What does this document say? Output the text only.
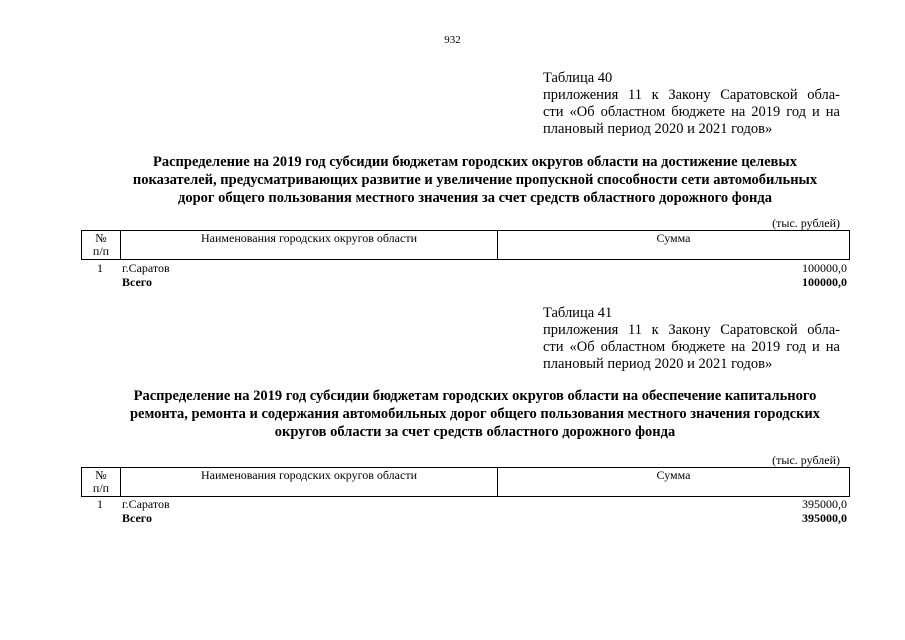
932
Таблица 40
приложения 11 к Закону Саратовской обла-
сти «Об областном бюджете на 2019 год и на
плановый период 2020 и 2021 годов»
Распределение на 2019 год субсидии бюджетам городских округов области на достижение целевых
показателей, предусматривающих развитие и увеличение пропускной способности сети автомобильных
дорог общего пользования местного значения за счет средств областного дорожного фонда
(тыс. рублей)
№
п/п
	Наименования городских округов области	Сумма
1	г.Саратов	100000,0
	Всего	100000,0
Таблица 41
приложения 11 к Закону Саратовской обла-
сти «Об областном бюджете на 2019 год и на
плановый период 2020 и 2021 годов»
Распределение на 2019 год субсидии бюджетам городских округов области на обеспечение капитального
ремонта, ремонта и содержания автомобильных дорог общего пользования местного значения городских
округов области за счет средств областного дорожного фонда
(тыс. рублей)
№
п/п
	Наименования городских округов области	Сумма
1	г.Саратов	395000,0
	Всего	395000,0
